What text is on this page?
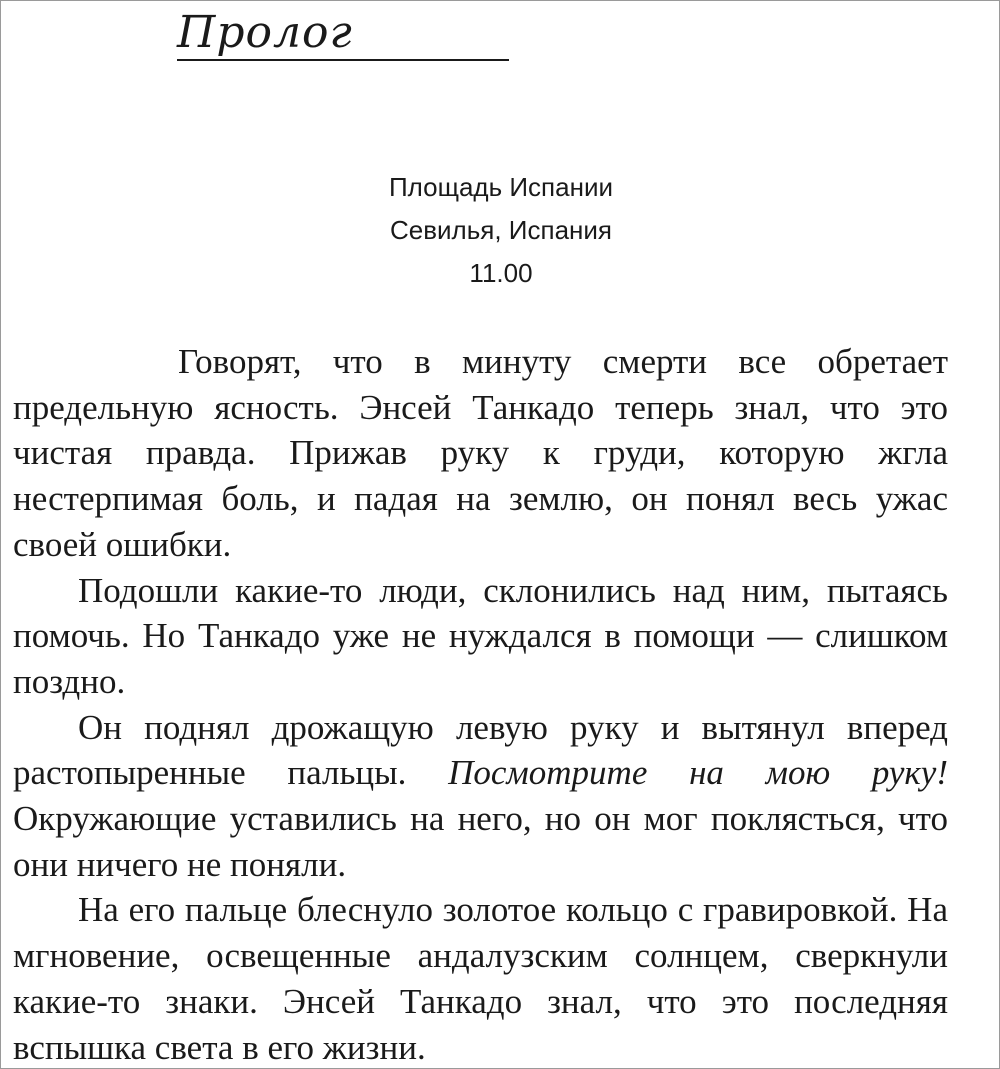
Пролог
Площадь Испании
Севилья, Испания
11.00

Говорят, что в минуту смерти все обретает предельную ясность. Энсей Танкадо теперь знал, что это чистая правда. Прижав руку к груди, которую жгла нестерпимая боль, и падая на землю, он понял весь ужас своей ошибки.

Подошли какие-то люди, склонились над ним, пытаясь помочь. Но Танкадо уже не нуждался в помощи — слишком поздно.

Он поднял дрожащую левую руку и вытянул вперед растопыренные пальцы. Посмотрите на мою руку! Окружающие уставились на него, но он мог поклясться, что они ничего не поняли.

На его пальце блеснуло золотое кольцо с гравировкой. На мгновение, освещенные андалузским солнцем, сверкнули какие-то знаки. Энсей Танкадо знал, что это последняя вспышка света в его жизни.
